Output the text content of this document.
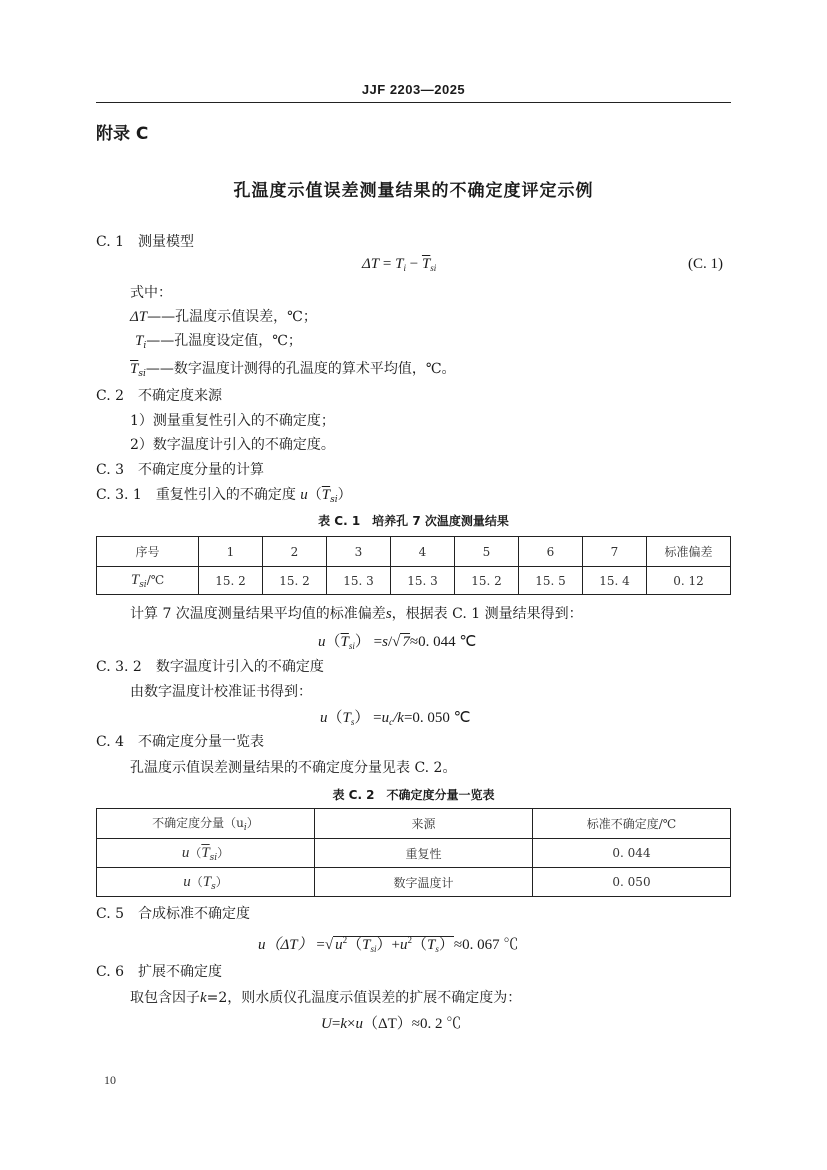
JJF 2203—2025
附录 C
孔温度示值误差测量结果的不确定度评定示例
C. 1　测量模型
$\Delta T = T_i - \overline{T}_{si}$	(C. 1)
式中：
ΔT——孔温度示值误差，℃；
$T_i——$孔温度设定值，℃；
$\overline{T}_{si}——$数字温度计测得的孔温度的算术平均值，℃。
C. 2　不确定度来源
1）测量重复性引入的不确定度；
2）数字温度计引入的不确定度。
C. 3　不确定度分量的计算
C. 3. 1　重复性引入的不确定度 $u(\overline{T}_{si})$
表 C. 1　培养孔 7 次温度测量结果
序号	1	2	3	4	5	6	7	标准偏差
$T_{si}/℃$	15. 2	15. 2	15. 3	15. 3	15. 2	15. 5	15. 4	0. 12
计算 7 次温度测量结果平均值的标准偏差s，根据表 C. 1 测量结果得到：
$u(\overline{T}_{si}) =s/√$ 7≈0. 044 ℃
C. 3. 2　数字温度计引入的不确定度
由数字温度计校准证书得到：
$u(T_s) =u_c/k=0$. 050 ℃
C. 4　不确定度分量一览表
孔温度示值误差测量结果的不确定度分量见表 C. 2。
表 C. 2　不确定度分量一览表
不确定度分量$(u_i)$	来源	标准不确定度/℃
$u(\overline{T}_{si})$	重复性	0. 044
$u(T_s)$	数字温度计	0. 050
C. 5　合成标准不确定度
u（ΔT） =√ $u^2(\overline{T}_{si})+u^2(T_s)\approx 0$. 067 ℃
C. 6　扩展不确定度
取包含因子k=2，则水质仪孔温度示值误差的扩展不确定度为：
U=k×u（ΔT）≈0. 2 ℃
10
